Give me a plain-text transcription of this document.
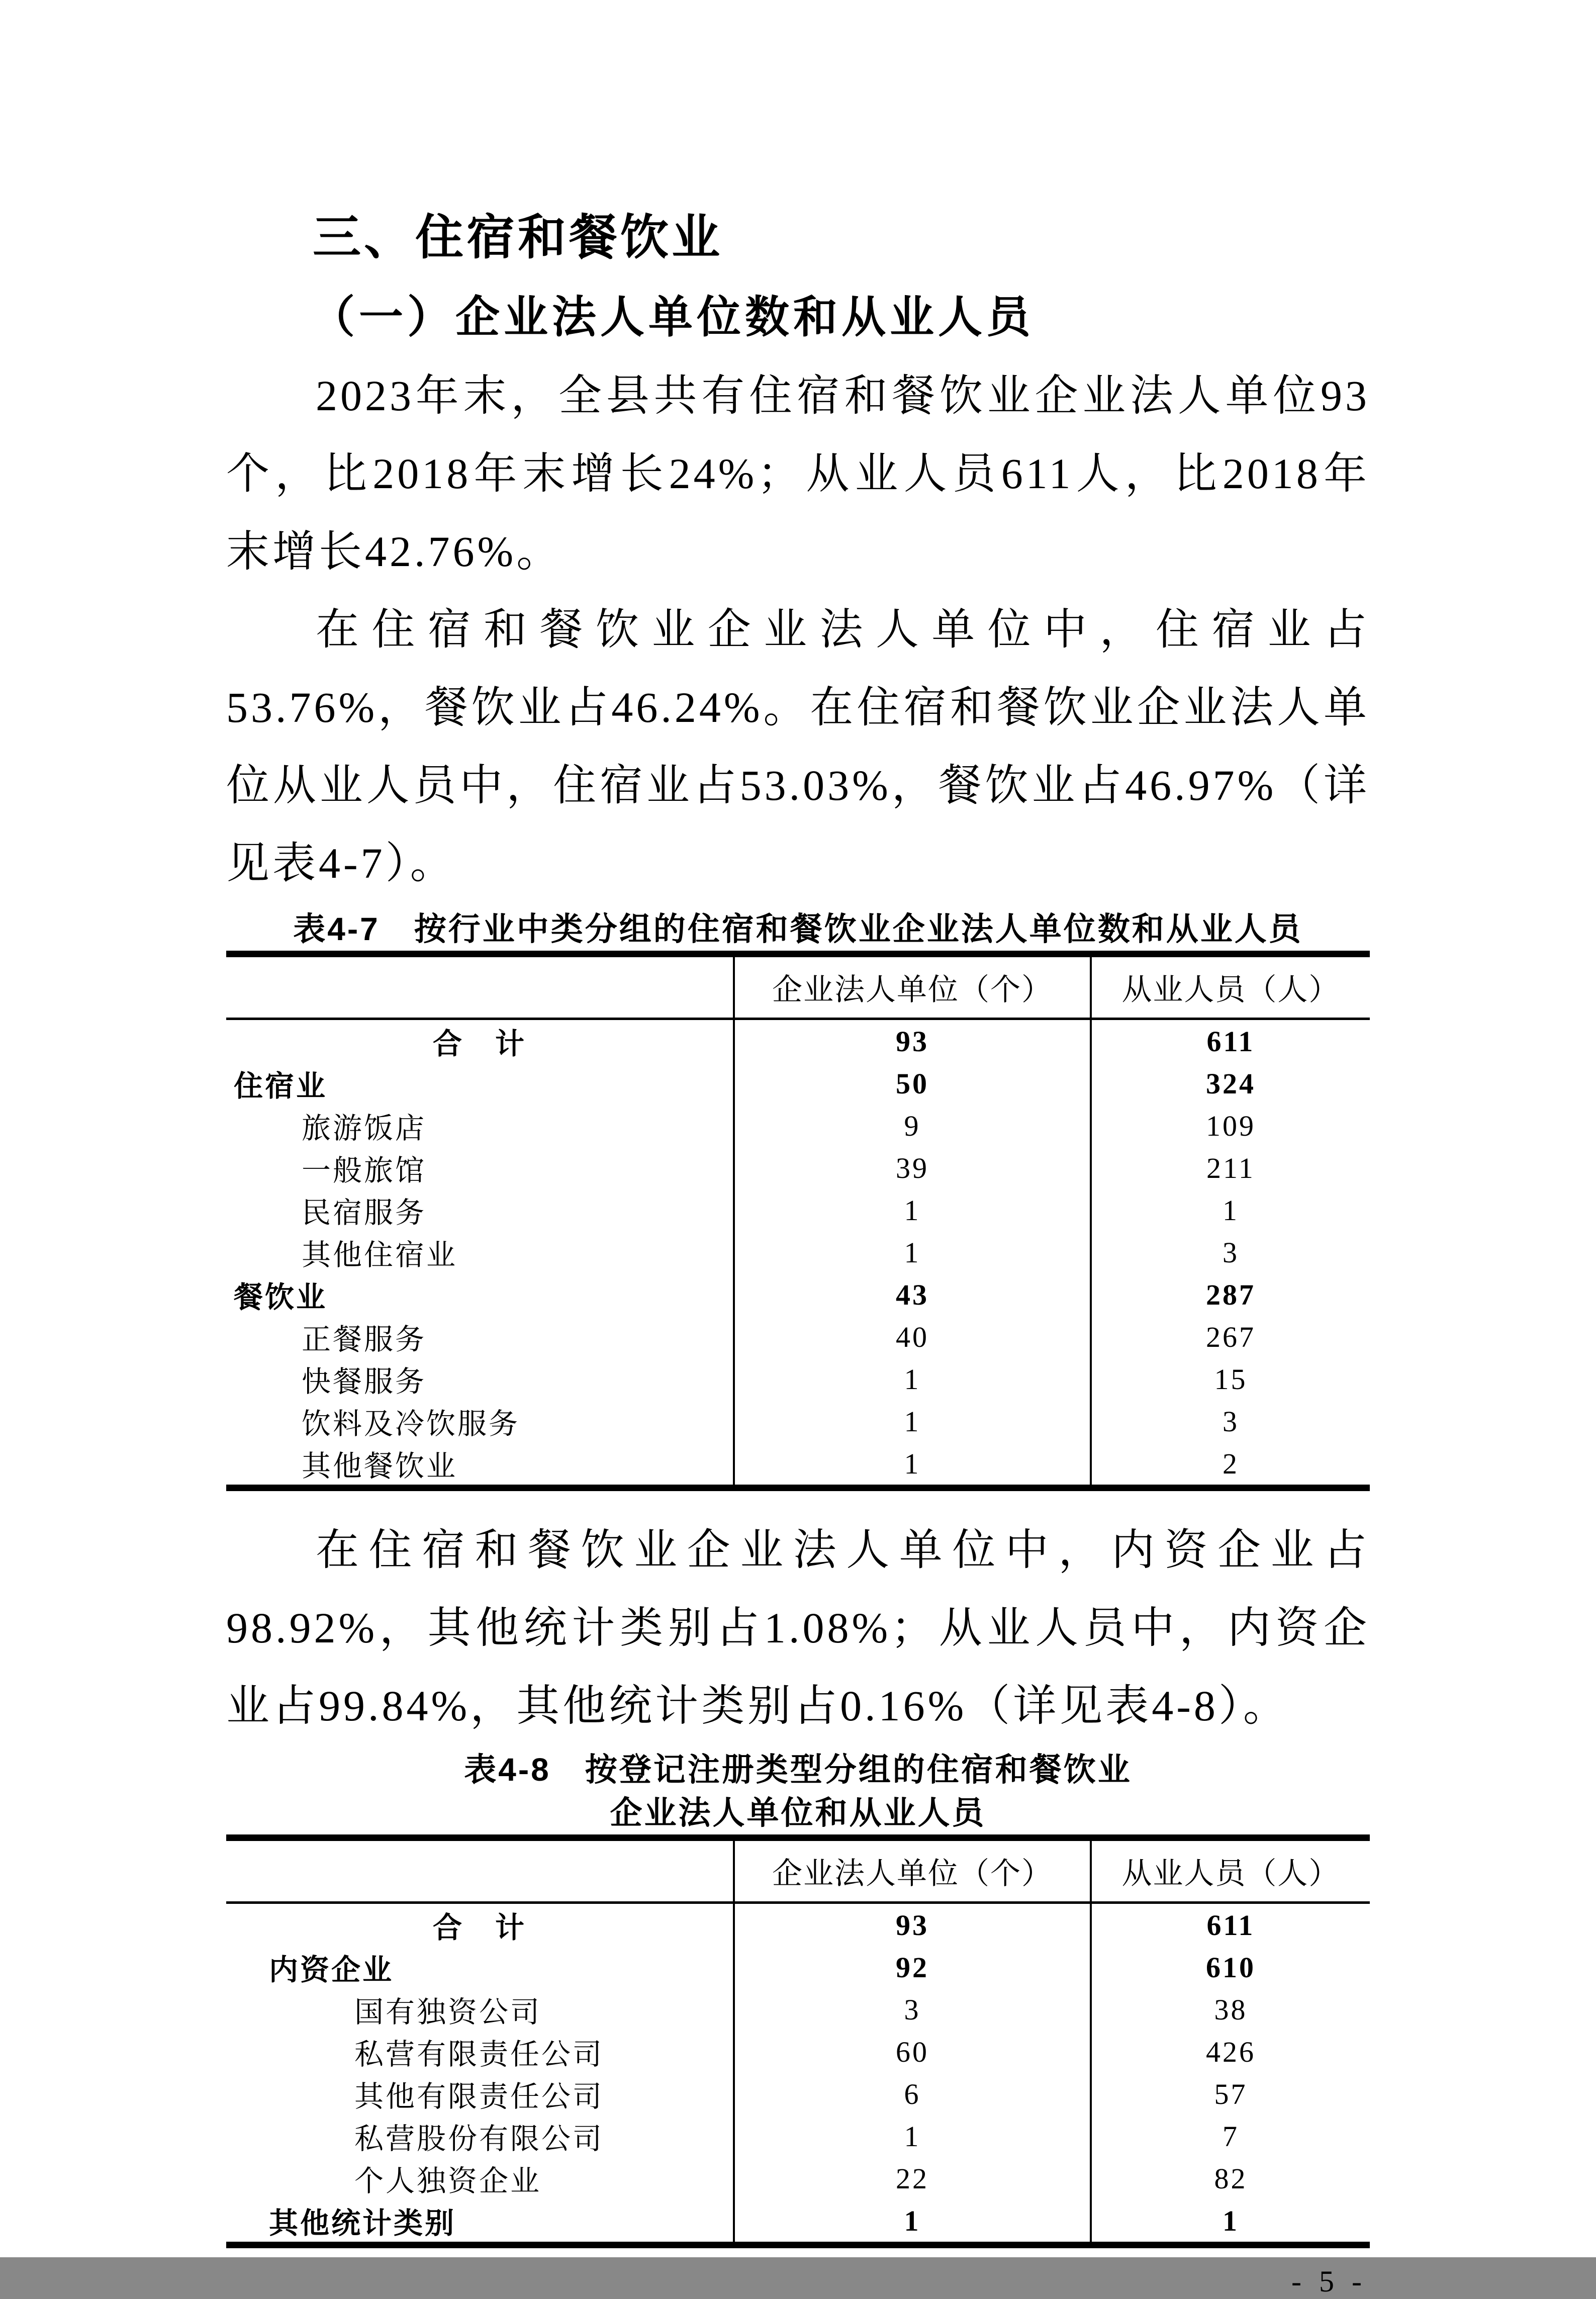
三、住宿和餐饮业
（一）企业法人单位数和从业人员

2023年末，全县共有住宿和餐饮业企业法人单位93个，比2018年末增长24%；从业人员611人，比2018年末增长42.76%。

在住宿和餐饮业企业法人单位中，住宿业占53.76%，餐饮业占46.24%。在住宿和餐饮业企业法人单位从业人员中，住宿业占53.03%，餐饮业占46.97%（详见表4-7）。

表4-7　按行业中类分组的住宿和餐饮业企业法人单位数和从业人员
	企业法人单位（个）	从业人员（人）
合　计	93	611
住宿业	50	324
旅游饭店	9	109
一般旅馆	39	211
民宿服务	1	1
其他住宿业	1	3
餐饮业	43	287
正餐服务	40	267
快餐服务	1	15
饮料及冷饮服务	1	3
其他餐饮业	1	2

在住宿和餐饮业企业法人单位中，内资企业占98.92%，其他统计类别占1.08%；从业人员中，内资企业占99.84%，其他统计类别占0.16%（详见表4-8）。

表4-8　按登记注册类型分组的住宿和餐饮业
企业法人单位和从业人员
	企业法人单位（个）	从业人员（人）
合　计	93	611
内资企业	92	610
国有独资公司	3	38
私营有限责任公司	60	426
其他有限责任公司	6	57
私营股份有限公司	1	7
个人独资企业	22	82
其他统计类别	1	1
- 5 -
